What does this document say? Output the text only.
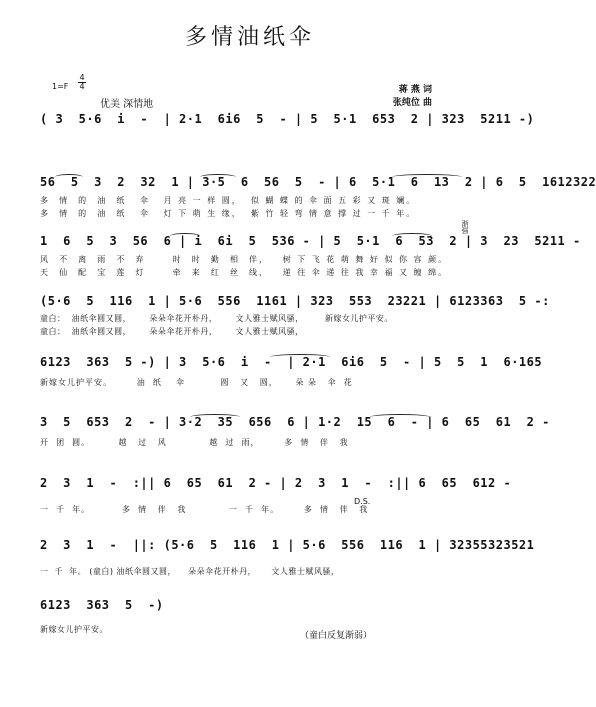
多情油纸伞
1=F
4
4
优美 深情地
蒋 燕 词
张纯位 曲
( 3  5·6  i  -  | 2·1  6i6  5  - | 5  5·1  653  2 | 323  5211 -)
56  5  3  2  32  1 | 3·5  6  56  5  - | 6  5·1  6  13  2 | 6  5  1612322
多  情  的  油  纸   伞   月 亮 一 样 圆，  似 蝴 蝶 的 伞 面 五 彩 又 斑 斓。
多  情  的  油  纸   伞   灯 下 萌 生 缘，  紫 竹 轻 弯 情 意 撑 过 一 千 年。
1  6  5  3  56  6 | i  6i  5  536 - | 5  5·1  6  53  2 | 3  23  5211 -
风  不  离  雨  不  弃      时  时  勤  相  伴，   树 下 飞 花 萌 舞 好 似 你 容 颜。
天  仙  配  宝  莲  灯      牵  来  红  丝  线，   递 往 伞 递 往 我 幸 福 又 缠 绵。
(5·6  5  116  1 | 5·6  556  1161 | 323  553  23221 | 6123363  5 -:
童白：  油纸伞圆又圆，      朵朵伞花开朴丹，      文人雅士赋风骚，       新嫁女儿护平安。
童白：  油纸伞圆又圆，      朵朵伞花开朴丹，      文人雅士赋风骚，
6123  363  5 -) | 3  5·6  i  -  | 2·1  6i6  5  - | 5  5  1  6·165
新嫁女儿护平安。       油  纸    伞          圆   又   圆，     朵 朵   伞  花
3  5  653  2  - | 3·2  35  656  6 | 1·2  15  6  - | 6  65  61  2 -
开  团  圆。        越   过   风            越  过  雨，       多  情   伴   我
2  3  1  -  :|| 6  65  61  2 - | 2  3  1  -  :|| 6  65  612 -
一  千  年。         多  情   伴   我            一  千  年。       多  情   伴   我
2  3  1  -  ||: (5·6  5  116  1 | 5·6  556  116  1 | 32355323521
一  千  年。 (童白) 油纸伞圆又圆，    朵朵伞花开朴丹，     文人雅士赋风骚，
6123  363  5  -)
新嫁女儿护平安。
渐强
D.S.
（童白反复渐弱）
